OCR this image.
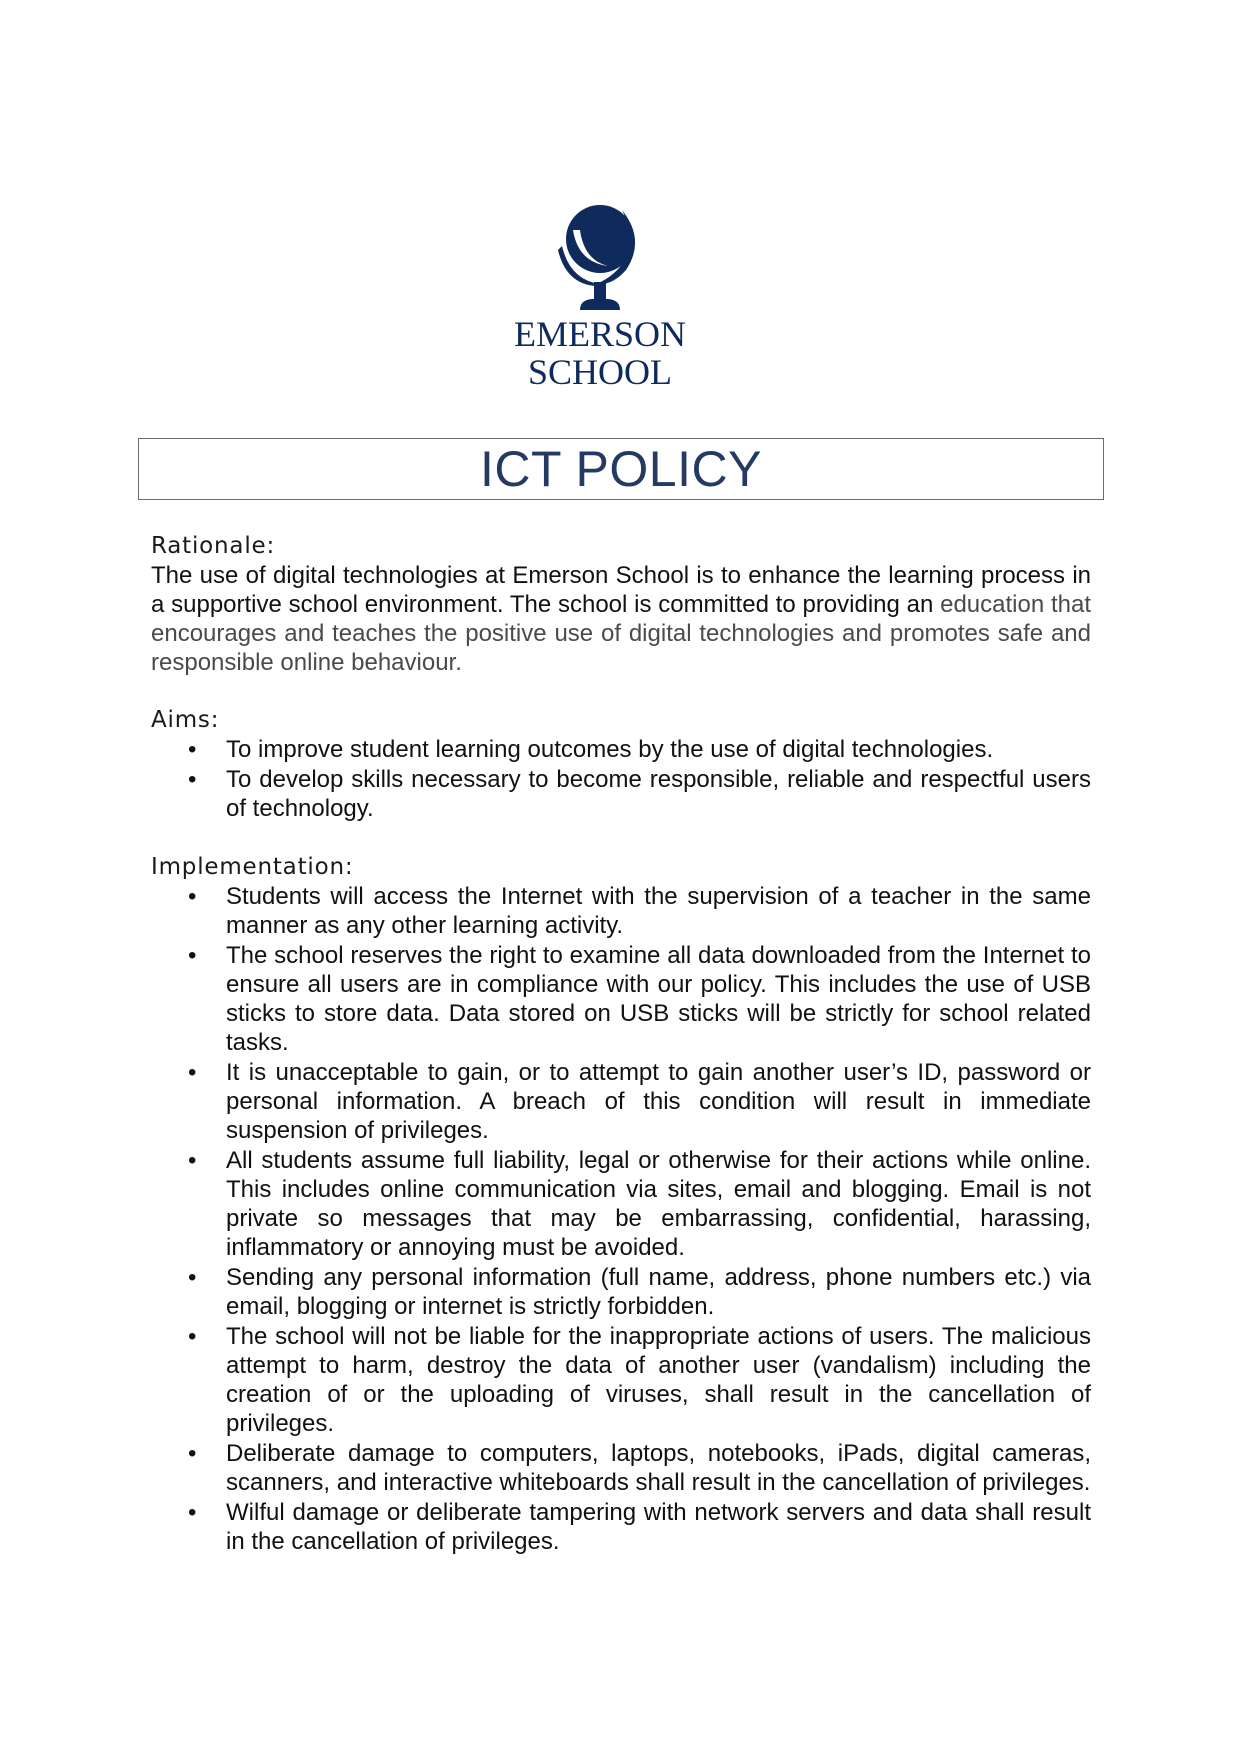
EMERSON
SCHOOL
ICT POLICY

Rationale:

The use of digital technologies at Emerson School is to enhance the learning process in a supportive school environment. The school is committed to providing an education that encourages and teaches the positive use of digital technologies and promotes safe and responsible online behaviour.

Aims:

• To improve student learning outcomes by the use of digital technologies.
• To develop skills necessary to become responsible, reliable and respectful users of technology.

Implementation:

• Students will access the Internet with the supervision of a teacher in the same manner as any other learning activity.
• The school reserves the right to examine all data downloaded from the Internet to ensure all users are in compliance with our policy. This includes the use of USB sticks to store data. Data stored on USB sticks will be strictly for school related tasks.
• It is unacceptable to gain, or to attempt to gain another user’s ID, password or personal information. A breach of this condition will result in immediate suspension of privileges.
• All students assume full liability, legal or otherwise for their actions while online. This includes online communication via sites, email and blogging. Email is not private so messages that may be embarrassing, confidential, harassing, inflammatory or annoying must be avoided.
• Sending any personal information (full name, address, phone numbers etc.) via email, blogging or internet is strictly forbidden.
• The school will not be liable for the inappropriate actions of users. The malicious attempt to harm, destroy the data of another user (vandalism) including the creation of or the uploading of viruses, shall result in the cancellation of privileges.
• Deliberate damage to computers, laptops, notebooks, iPads, digital cameras, scanners, and interactive whiteboards shall result in the cancellation of privileges.
• Wilful damage or deliberate tampering with network servers and data shall result in the cancellation of privileges.
